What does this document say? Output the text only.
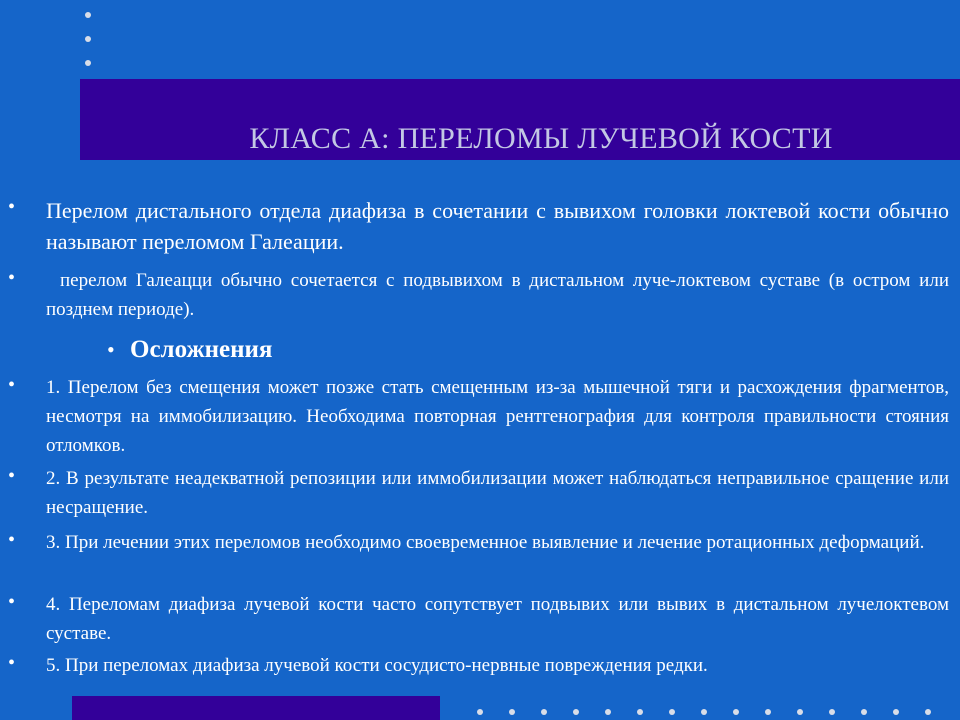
КЛАСС А: ПЕРЕЛОМЫ ЛУЧЕВОЙ КОСТИ
• Перелом дистального отдела диафиза в сочетании с вывихом головки локтевой кости обычно называют переломом Галеации.
•	перелом Галеацци обычно сочетается с подвывихом в дистальном луче-локтевом суставе (в остром или позднем периоде).
• Осложнения
• 1. Перелом без смещения может позже стать смещенным из-за мышечной тяги и расхождения фрагментов, несмотря на иммобилизацию. Необходима повторная рентгенография для контроля правильности стояния отломков.
• 2. В результате неадекватной репозиции или иммобилизации может наблюдаться неправильное сращение или несращение.
• 3. При лечении этих переломов необходимо своевременное выявление и лечение ротационных деформаций.
• 4. Переломам диафиза лучевой кости часто сопутствует подвывих или вывих в дистальном лучелоктевом суставе.
• 5. При переломах диафиза лучевой кости сосудисто-нервные повреждения редки.
